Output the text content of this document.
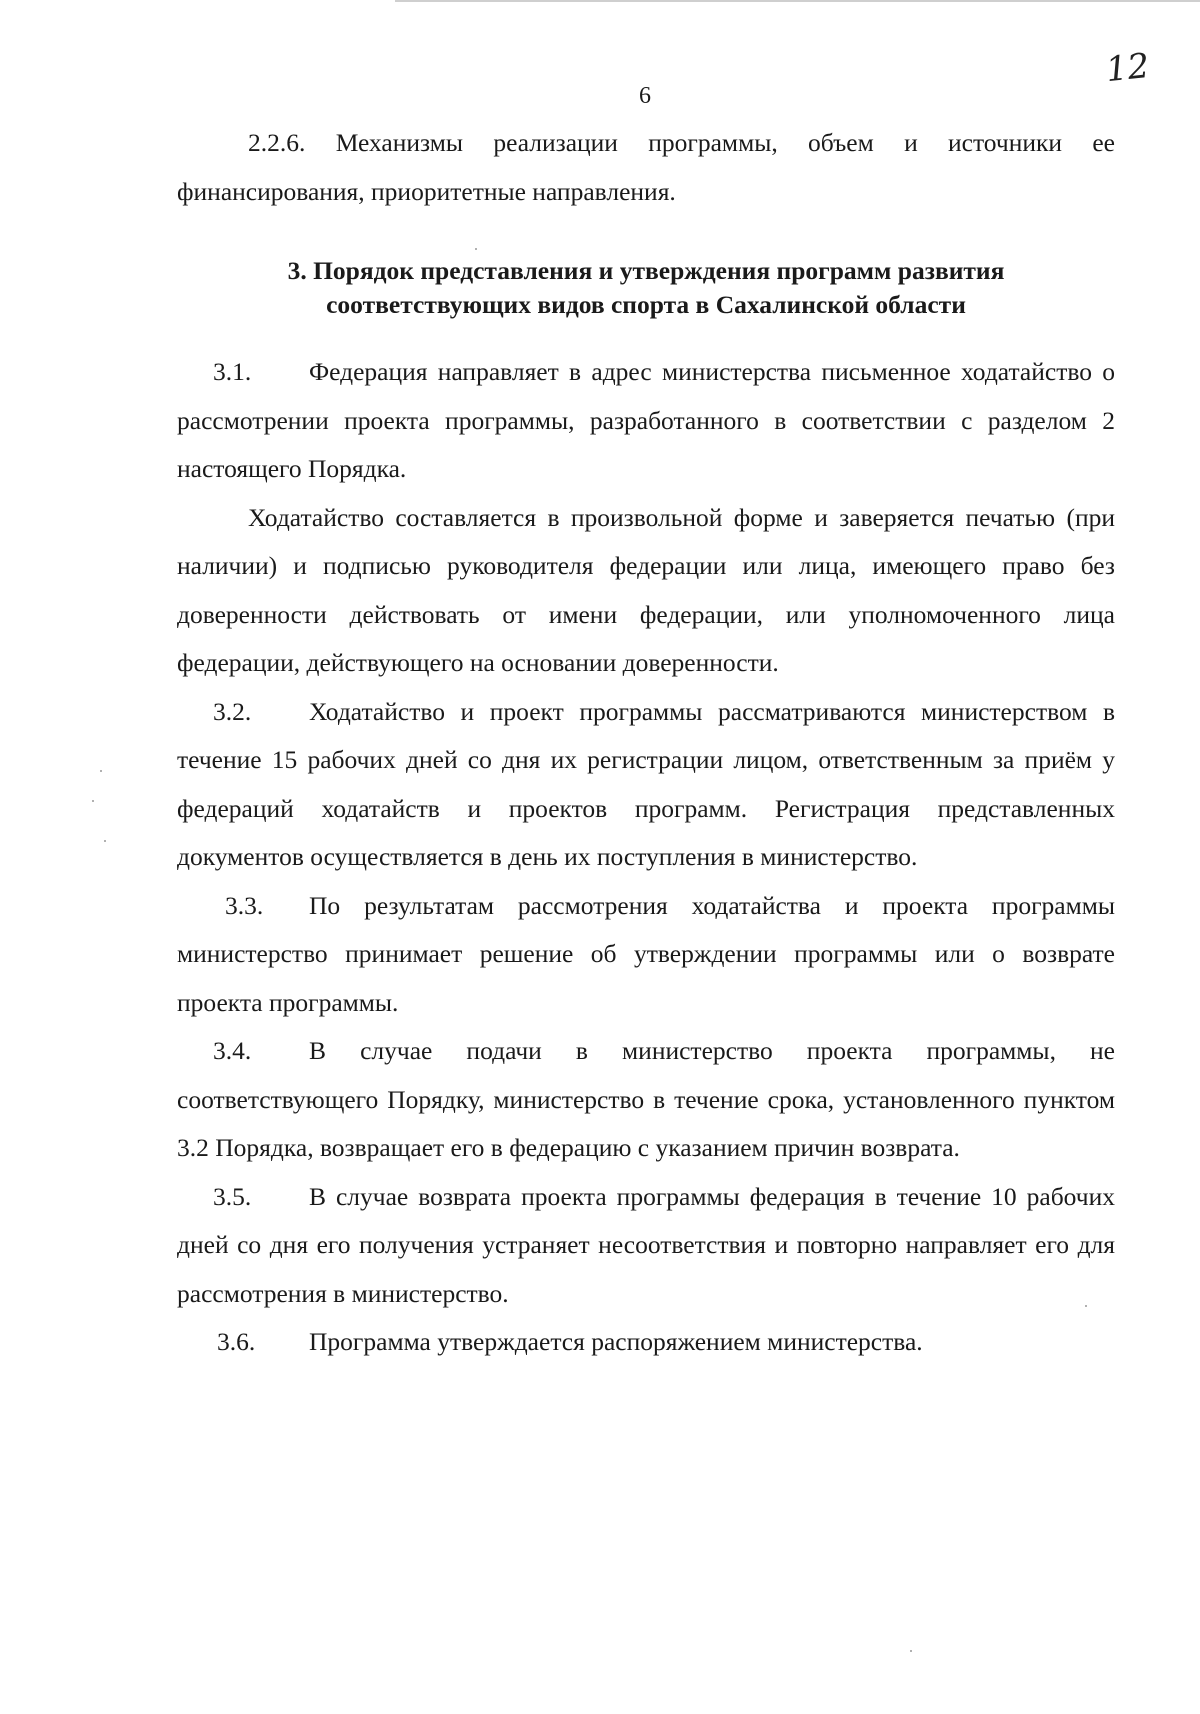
6
12

2.2.6. Механизмы реализации программы, объем и источники ее финансирования, приоритетные направления.

3. Порядок представления и утверждения программ развития
соответствующих видов спорта в Сахалинской области

3.1. Федерация направляет в адрес министерства письменное ходатайство о рассмотрении проекта программы, разработанного в соответствии с разделом 2 настоящего Порядка.

Ходатайство составляется в произвольной форме и заверяется печатью (при наличии) и подписью руководителя федерации или лица, имеющего право без доверенности действовать от имени федерации, или уполномоченного лица федерации, действующего на основании доверенности.

3.2. Ходатайство и проект программы рассматриваются министерством в течение 15 рабочих дней со дня их регистрации лицом, ответственным за приём у федераций ходатайств и проектов программ. Регистрация представленных документов осуществляется в день их поступления в министерство.

3.3. По результатам рассмотрения ходатайства и проекта программы министерство принимает решение об утверждении программы или о возврате проекта программы.

3.4. В случае подачи в министерство проекта программы, не соответствующего Порядку, министерство в течение срока, установленного пунктом 3.2 Порядка, возвращает его в федерацию с указанием причин возврата.

3.5. В случае возврата проекта программы федерация в течение 10 рабочих дней со дня его получения устраняет несоответствия и повторно направляет его для рассмотрения в министерство.

3.6. Программа утверждается распоряжением министерства.
